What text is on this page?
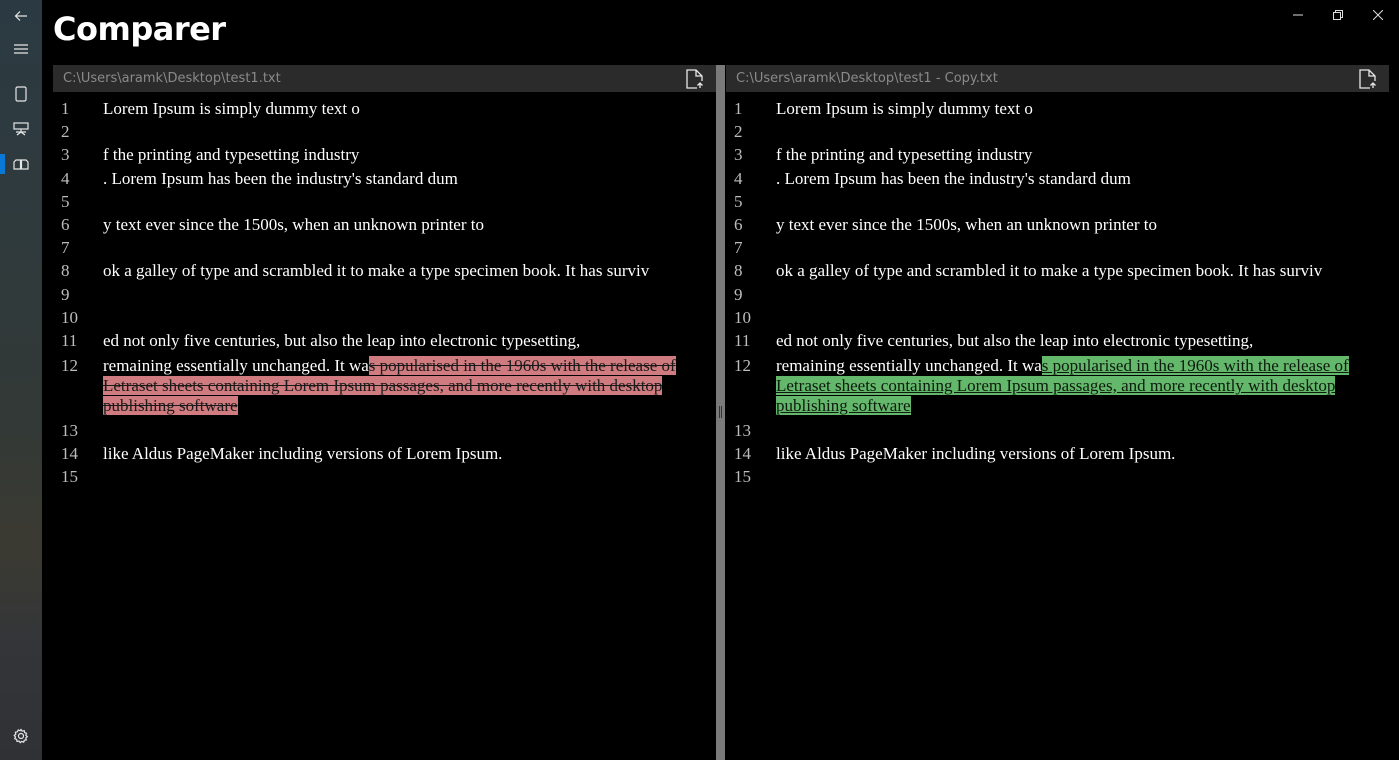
Comparer
C:\Users\aramk\Desktop\test1.txt
1	Lorem Ipsum is simply dummy text o
2
3	f the printing and typesetting industry
4	. Lorem Ipsum has been the industry's standard dum
5
6	y text ever since the 1500s, when an unknown printer to
7
8	ok a galley of type and scrambled it to make a type specimen book. It has surviv
9
10
11	ed not only five centuries, but also the leap into electronic typesetting,
12	remaining essentially unchanged. It was popularised in the 1960s with the release of Letraset sheets containing Lorem Ipsum passages, and more recently with desktop publishing software
13
14	like Aldus PageMaker including versions of Lorem Ipsum.
15
C:\Users\aramk\Desktop\test1 - Copy.txt
1	Lorem Ipsum is simply dummy text o
2
3	f the printing and typesetting industry
4	. Lorem Ipsum has been the industry's standard dum
5
6	y text ever since the 1500s, when an unknown printer to
7
8	ok a galley of type and scrambled it to make a type specimen book. It has surviv
9
10
11	ed not only five centuries, but also the leap into electronic typesetting,
12	remaining essentially unchanged. It was popularised in the 1960s with the release of Letraset sheets containing Lorem Ipsum passages, and more recently with desktop publishing software
13
14	like Aldus PageMaker including versions of Lorem Ipsum.
15
